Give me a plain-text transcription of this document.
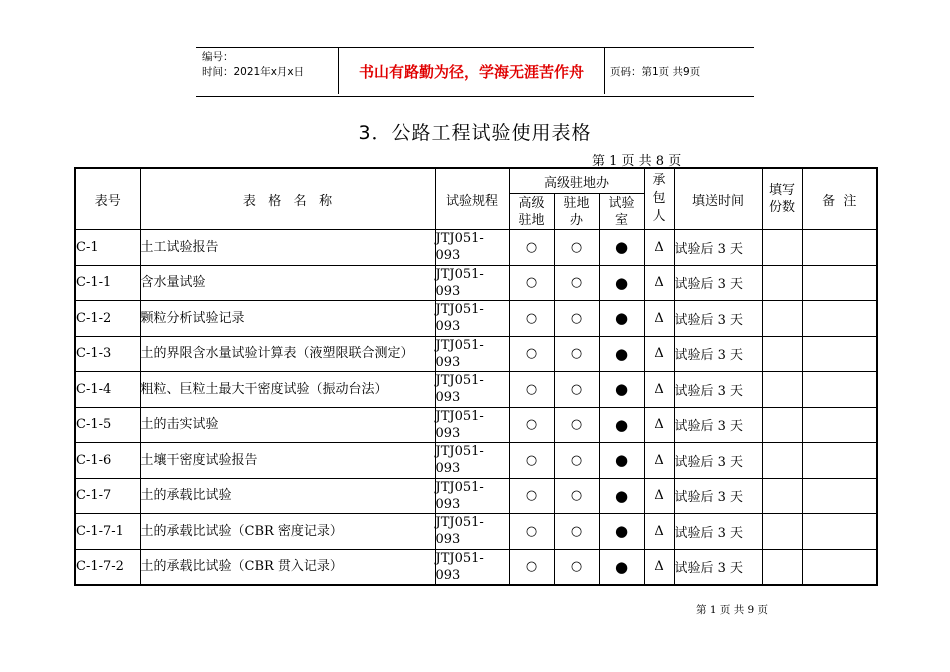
编号：
时间：2021年x月x日	书山有路勤为径，学海无涯苦作舟	页码：第1页 共9页
3．公路工程试验使用表格
第 1 页 共 8 页
表号	表   格   名   称	试验规程	高级驻地办			承包人	填送时间	填写份数	备  注
			高级驻地	驻地办	试验室				
C-1	土工试验报告	JTJ051-093	○	○	●	Δ	试验后 3 天		
C-1-1	含水量试验	JTJ051-093	○	○	●	Δ	试验后 3 天		
C-1-2	颗粒分析试验记录	JTJ051-093	○	○	●	Δ	试验后 3 天		
C-1-3	土的界限含水量试验计算表（液塑限联合测定）	JTJ051-093	○	○	●	Δ	试验后 3 天		
C-1-4	粗粒、巨粒土最大干密度试验（振动台法）	JTJ051-093	○	○	●	Δ	试验后 3 天		
C-1-5	土的击实试验	JTJ051-093	○	○	●	Δ	试验后 3 天		
C-1-6	土壤干密度试验报告	JTJ051-093	○	○	●	Δ	试验后 3 天		
C-1-7	土的承载比试验	JTJ051-093	○	○	●	Δ	试验后 3 天		
C-1-7-1	土的承载比试验（CBR 密度记录）	JTJ051-093	○	○	●	Δ	试验后 3 天		
C-1-7-2	土的承载比试验（CBR 贯入记录）	JTJ051-093	○	○	●	Δ	试验后 3 天		
第 1 页 共 9 页
